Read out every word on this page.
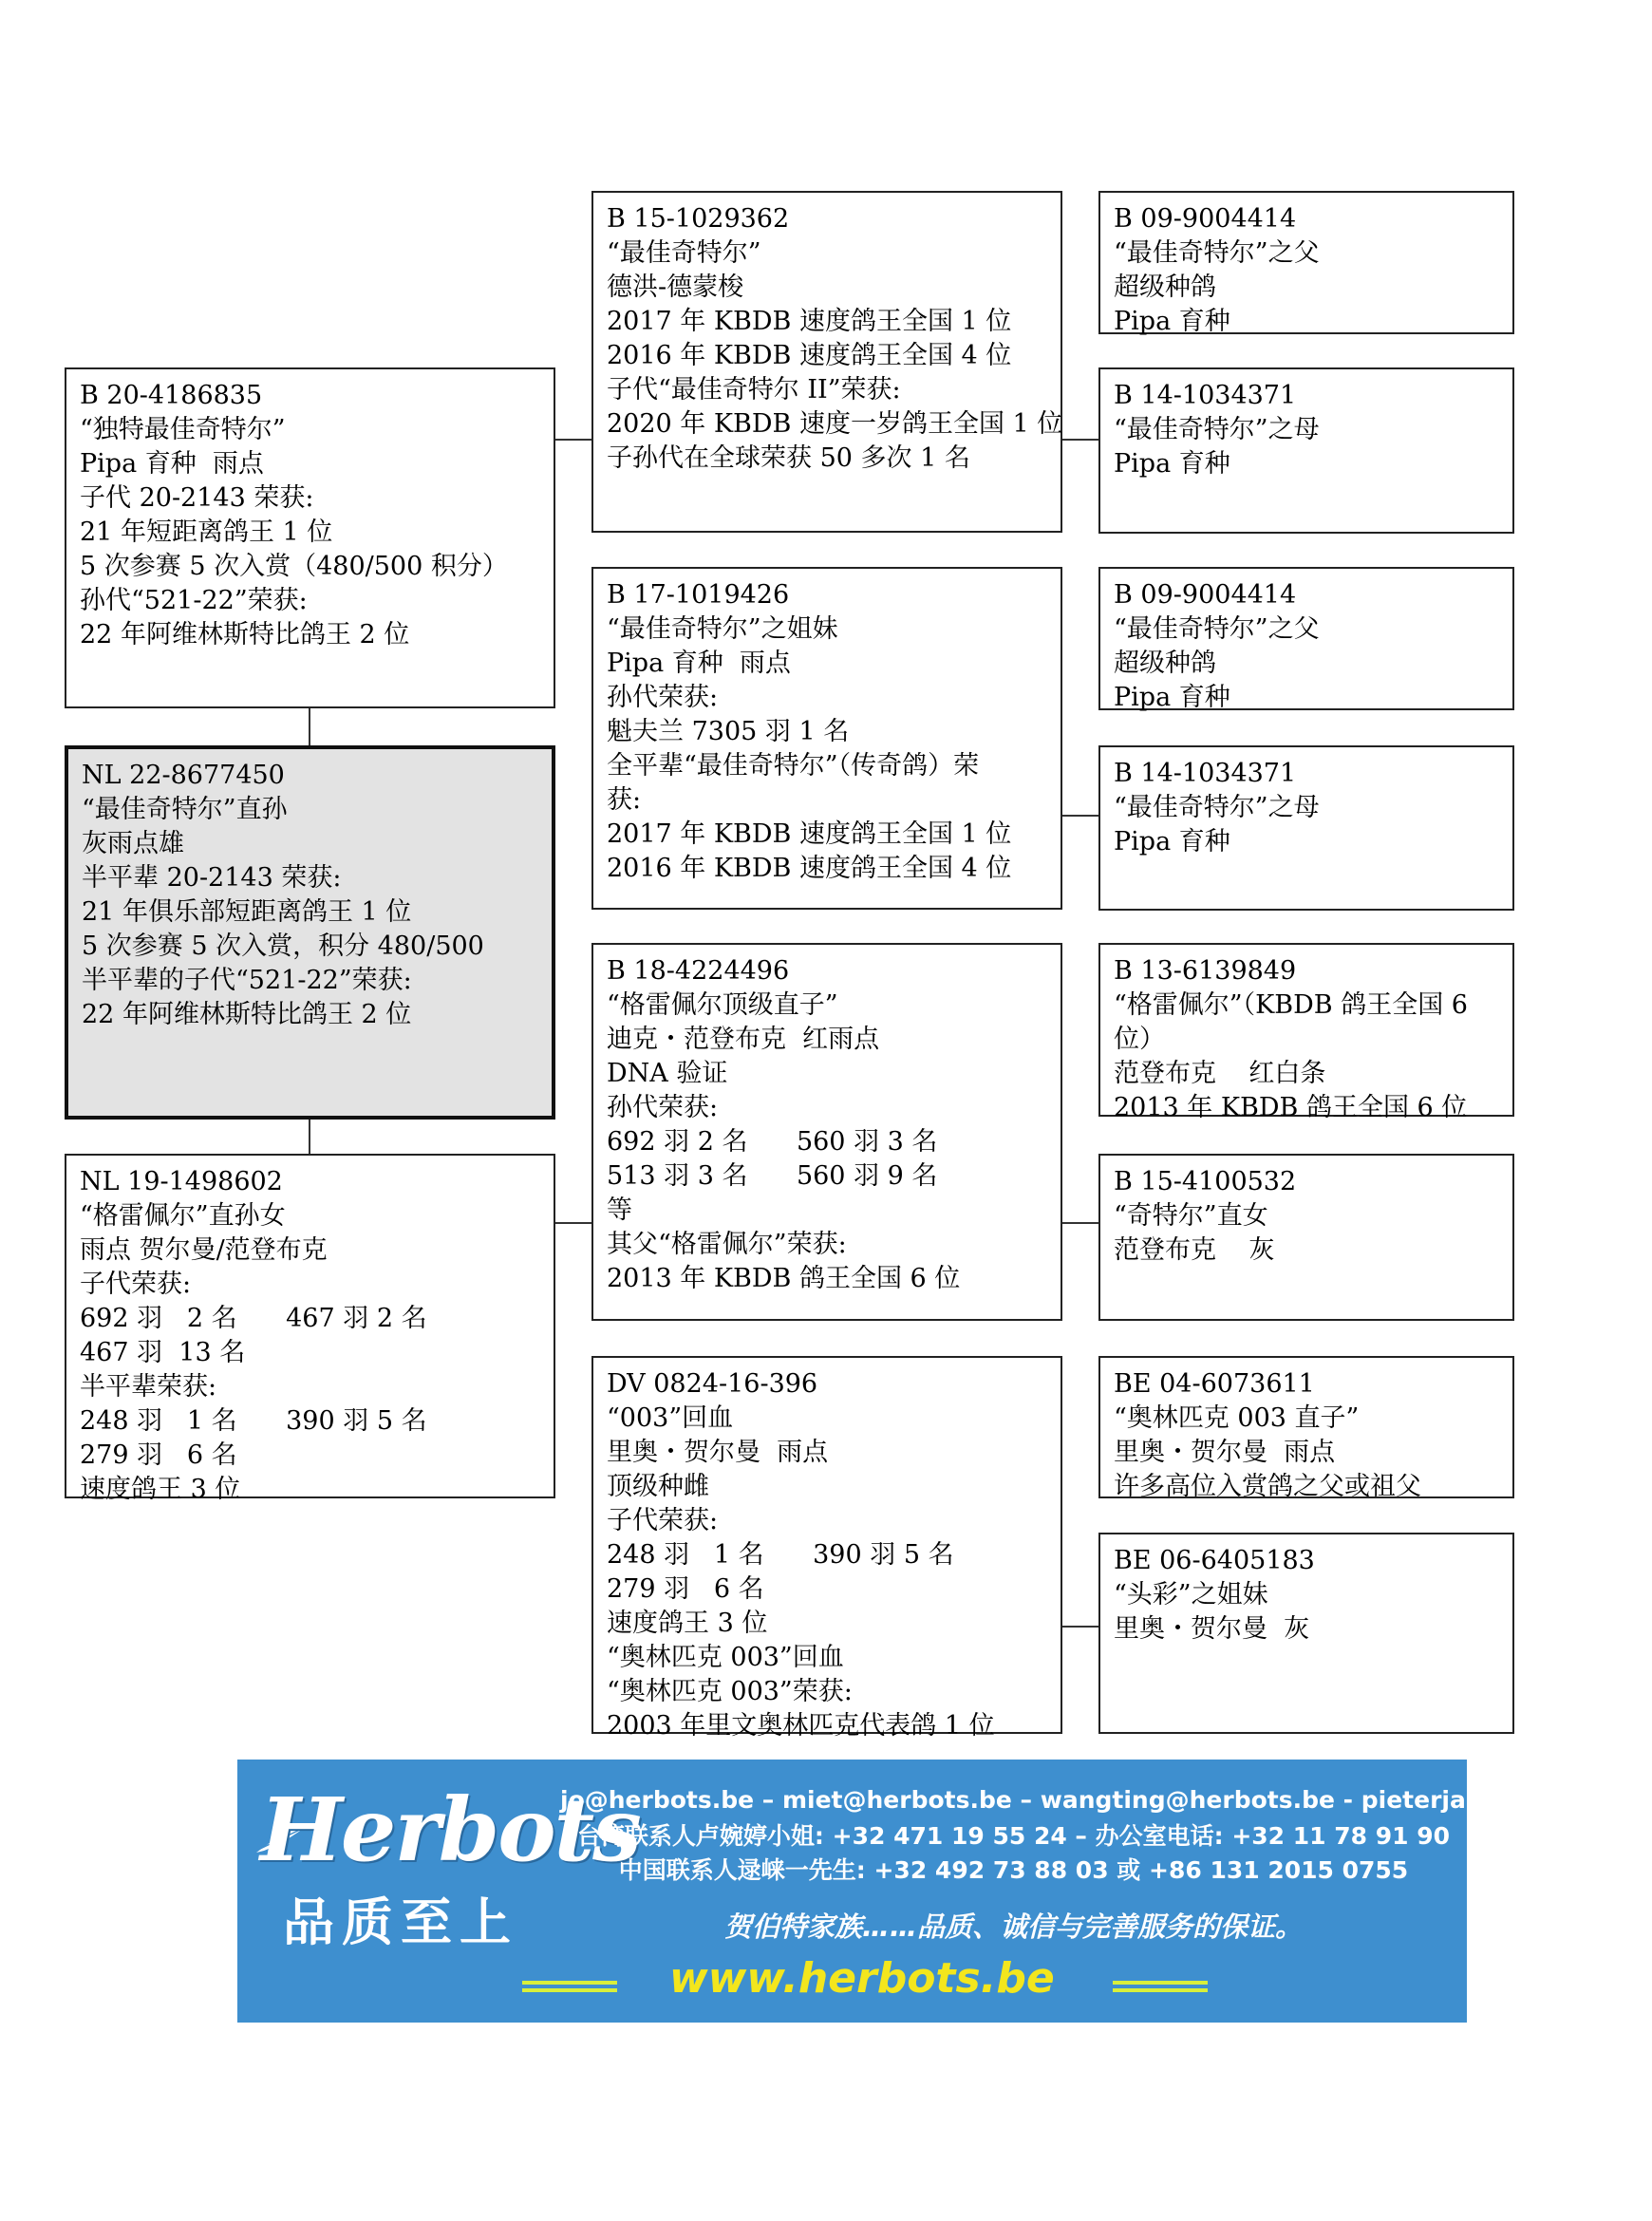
B 20-4186835
“独特最佳奇特尔”
Pipa 育种  雨点
子代 20-2143 荣获:
21 年短距离鸽王 1 位
5 次参赛 5 次入赏（480/500 积分）
孙代“521-22”荣获:
22 年阿维林斯特比鸽王 2 位
NL 22-8677450
“最佳奇特尔”直孙
灰雨点雄
半平辈 20-2143 荣获:
21 年俱乐部短距离鸽王 1 位
5 次参赛 5 次入赏，积分 480/500
半平辈的子代“521-22”荣获:
22 年阿维林斯特比鸽王 2 位
NL 19-1498602
“格雷佩尔”直孙女
雨点 贺尔曼/范登布克
子代荣获:
692 羽   2 名      467 羽 2 名
467 羽  13 名
半平辈荣获:
248 羽   1 名      390 羽 5 名
279 羽   6 名
速度鸽王 3 位
B 15-1029362
“最佳奇特尔”
德洪-德蒙梭
2017 年 KBDB 速度鸽王全国 1 位
2016 年 KBDB 速度鸽王全国 4 位
子代“最佳奇特尔 II”荣获:
2020 年 KBDB 速度一岁鸽王全国 1 位
子孙代在全球荣获 50 多次 1 名
B 17-1019426
“最佳奇特尔”之姐妹
Pipa 育种  雨点
孙代荣获:
魁夫兰 7305 羽 1 名
全平辈“最佳奇特尔”（传奇鸽）荣
获:
2017 年 KBDB 速度鸽王全国 1 位
2016 年 KBDB 速度鸽王全国 4 位
B 18-4224496
“格雷佩尔顶级直子”
迪克・范登布克  红雨点
DNA 验证
孙代荣获:
692 羽 2 名      560 羽 3 名
513 羽 3 名      560 羽 9 名
等
其父“格雷佩尔”荣获:
2013 年 KBDB 鸽王全国 6 位
DV 0824-16-396
“003”回血
里奥・贺尔曼  雨点
顶级种雌
子代荣获:
248 羽   1 名      390 羽 5 名
279 羽   6 名
速度鸽王 3 位
“奥林匹克 003”回血
“奥林匹克 003”荣获:
2003 年里文奥林匹克代表鸽 1 位
B 09-9004414
“最佳奇特尔”之父
超级种鸽
Pipa 育种
B 14-1034371
“最佳奇特尔”之母
Pipa 育种
B 09-9004414
“最佳奇特尔”之父
超级种鸽
Pipa 育种
B 14-1034371
“最佳奇特尔”之母
Pipa 育种
B 13-6139849
“格雷佩尔”（KBDB 鸽王全国 6
位）
范登布克    红白条
2013 年 KBDB 鸽王全国 6 位
B 15-4100532
“奇特尔”直女
范登布克    灰
BE 04-6073611
“奥林匹克 003 直子”
里奥・贺尔曼  雨点
许多高位入赏鸽之父或祖父
BE 06-6405183
“头彩”之姐妹
里奥・贺尔曼  灰
Herbots
品质至上
jo@herbots.be – miet@herbots.be – wangting@herbots.be - pieterjan@herbots.be
台湾联系人卢婉婷小姐: +32 471 19 55 24 – 办公室电话: +32 11 78 91 90
中国联系人逯崃一先生: +32 492 73 88 03 或 +86 131 2015 0755
贺伯特家族……品质、诚信与完善服务的保证。
www.herbots.be
